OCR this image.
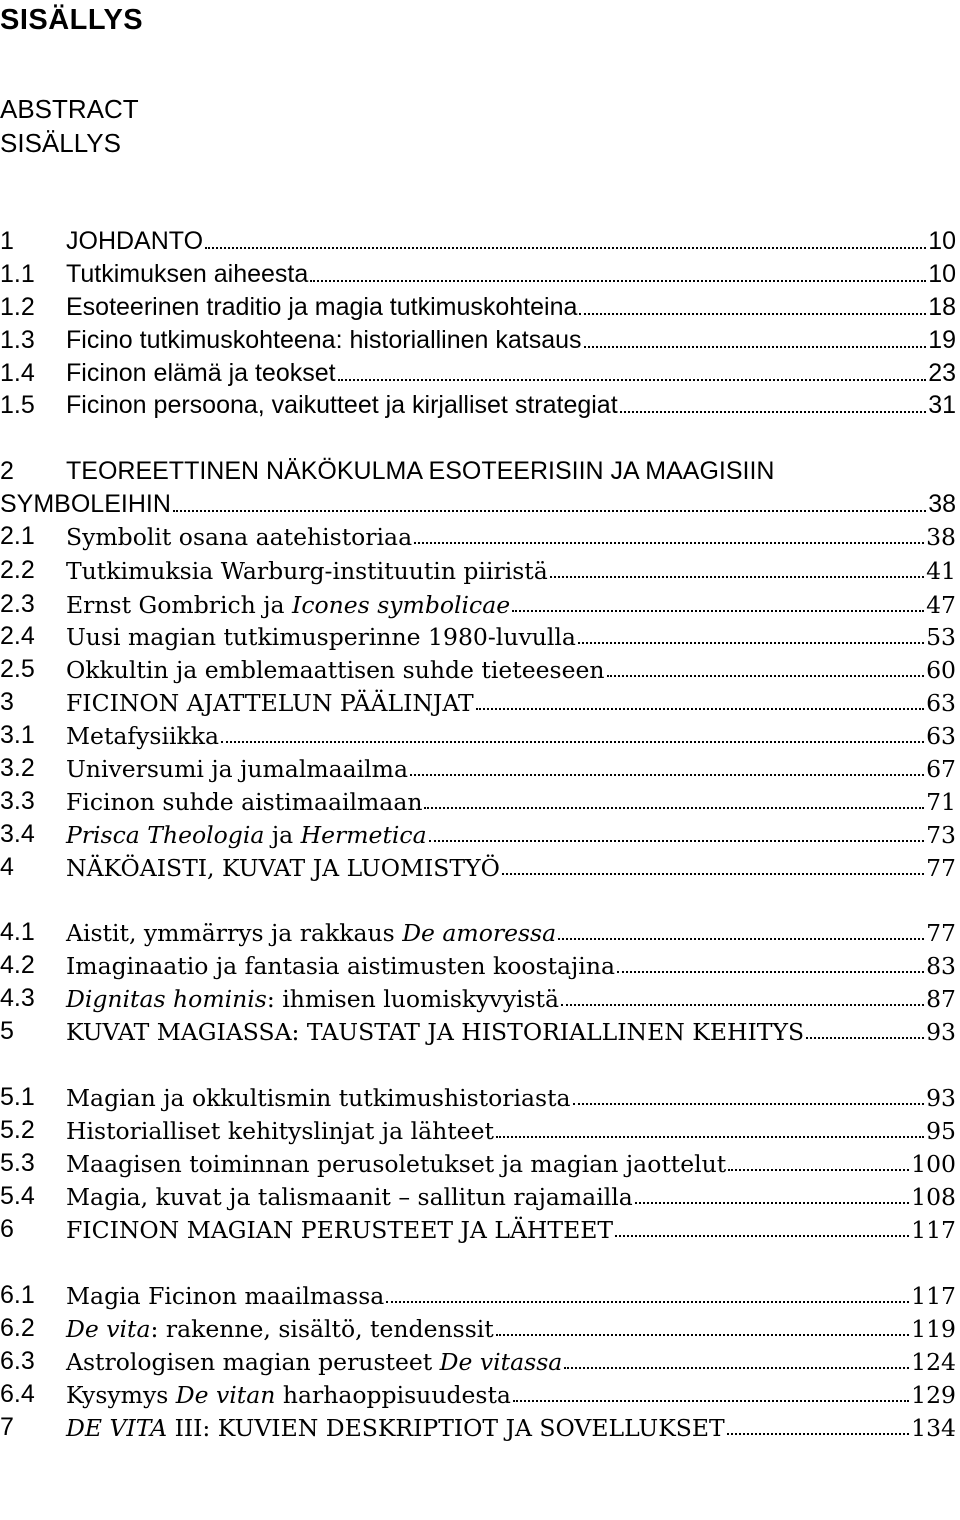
SISÄLLYS
ABSTRACT
SISÄLLYS
1	JOHDANTO	10
1.1	Tutkimuksen aiheesta	10
1.2	Esoteerinen traditio ja magia tutkimuskohteina	18
1.3	Ficino tutkimuskohteena: historiallinen katsaus	19
1.4	Ficinon elämä ja teokset	23
1.5	Ficinon persoona, vaikutteet ja kirjalliset strategiat	31
2	TEOREETTINEN NÄKÖKULMA ESOTEERISIIN JA MAAGISIIN
SYMBOLEIHIN	38
2.1	Symbolit osana aatehistoriaa	38
2.2	Tutkimuksia Warburg-instituutin piiristä	41
2.3	Ernst Gombrich ja Icones symbolicae	47
2.4	Uusi magian tutkimusperinne 1980-luvulla	53
2.5	Okkultin ja emblemaattisen suhde tieteeseen	60
3	FICINON AJATTELUN PÄÄLINJAT	63
3.1	Metafysiikka	63
3.2	Universumi ja jumalmaailma	67
3.3	Ficinon suhde aistimaailmaan	71
3.4	Prisca Theologia ja Hermetica	73
4	NÄKÖAISTI, KUVAT JA LUOMISTYÖ	77
4.1	Aistit, ymmärrys ja rakkaus De amoressa	77
4.2	Imaginaatio ja fantasia aistimusten koostajina	83
4.3	Dignitas hominis: ihmisen luomiskyvyistä	87
5	KUVAT MAGIASSA: TAUSTAT JA HISTORIALLINEN KEHITYS	93
5.1	Magian ja okkultismin tutkimushistoriasta	93
5.2	Historialliset kehityslinjat ja lähteet	95
5.3	Maagisen toiminnan perusoletukset ja magian jaottelut	100
5.4	Magia, kuvat ja talismaanit – sallitun rajamailla	108
6	FICINON MAGIAN PERUSTEET JA LÄHTEET	117
6.1	Magia Ficinon maailmassa	117
6.2	De vita: rakenne, sisältö, tendenssit	119
6.3	Astrologisen magian perusteet De vitassa	124
6.4	Kysymys De vitan harhaoppisuudesta	129
7	DE VITA III: KUVIEN DESKRIPTIOT JA SOVELLUKSET	134
